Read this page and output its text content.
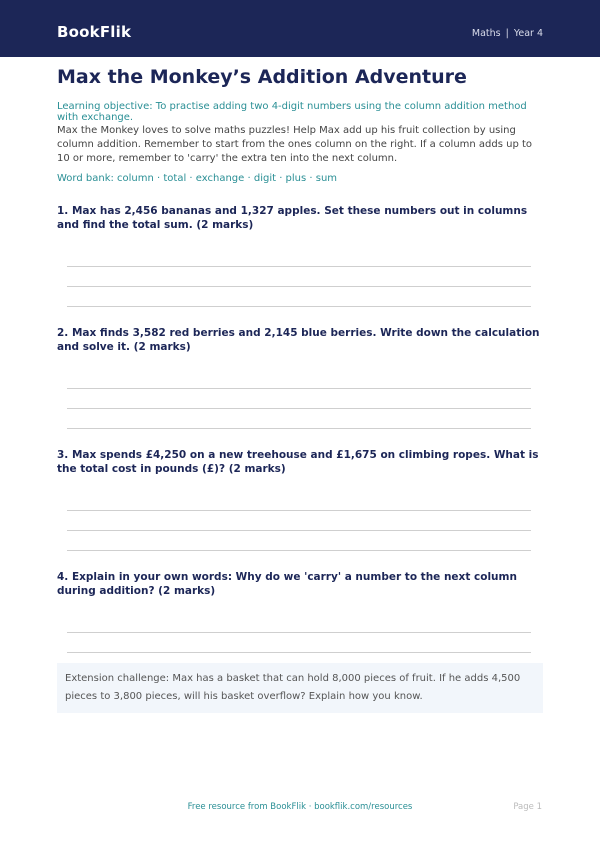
BookFlik	Maths | Year 4
Max the Monkey’s Addition Adventure
Learning objective: To practise adding two 4-digit numbers using the column addition method with exchange.
Max the Monkey loves to solve maths puzzles! Help Max add up his fruit collection by using column addition. Remember to start from the ones column on the right. If a column adds up to 10 or more, remember to 'carry' the extra ten into the next column.
Word bank: column · total · exchange · digit · plus · sum
1. Max has 2,456 bananas and 1,327 apples. Set these numbers out in columns and find the total sum. (2 marks)
2. Max finds 3,582 red berries and 2,145 blue berries. Write down the calculation and solve it. (2 marks)
3. Max spends £4,250 on a new treehouse and £1,675 on climbing ropes. What is the total cost in pounds (£)? (2 marks)
4. Explain in your own words: Why do we 'carry' a number to the next column during addition? (2 marks)
Extension challenge: Max has a basket that can hold 8,000 pieces of fruit. If he adds 4,500 pieces to 3,800 pieces, will his basket overflow? Explain how you know.
Free resource from BookFlik · bookflik.com/resources	Page 1
